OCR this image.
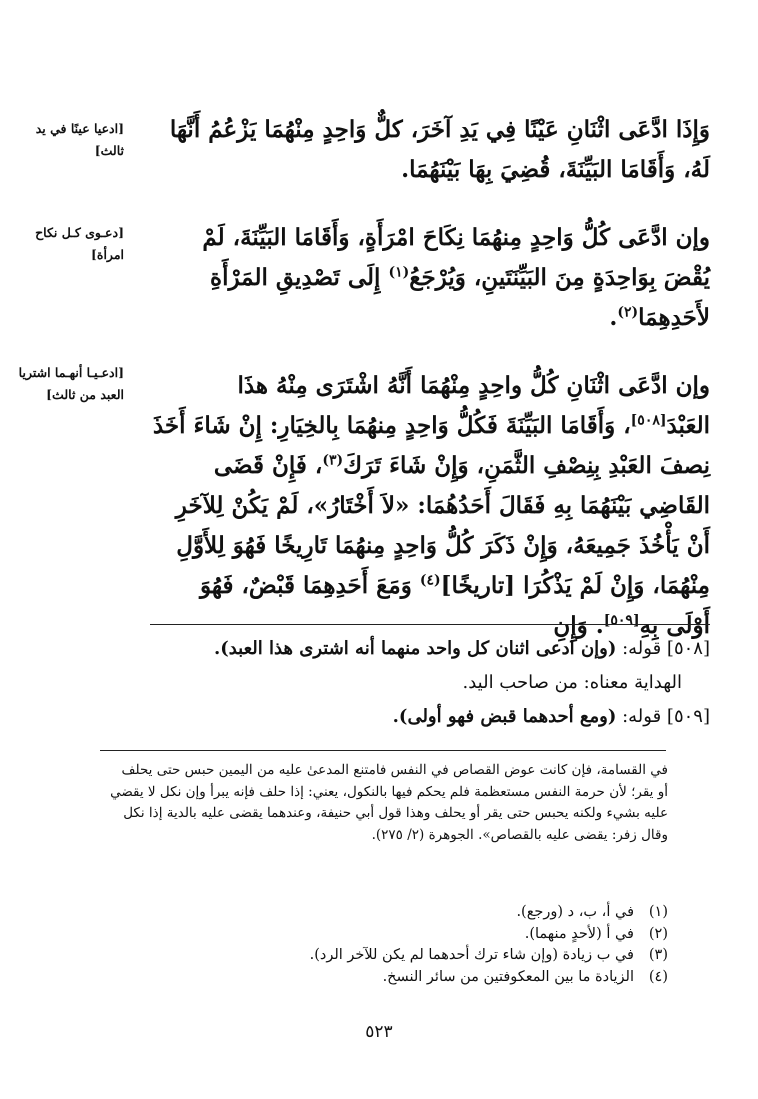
[ادعيا عينًا في يد ثالث]
[دعـوى كـل نكاح امرأة]
[ادعـيـا أنهـما اشتريا العبد من ثالث]
وَإِذَا ادَّعَى اثْنَانِ عَيْنًا فِي يَدِ آخَرَ، كلٌّ وَاحِدٍ مِنْهُمَا يَزْعُمُ أَنَّهَا لَهُ، وَأَقَامَا البَيِّنَةَ، قُضِيَ بِهَا بَيْنَهُمَا.
وإن ادَّعَى كُلُّ وَاحِدٍ مِنهُمَا نِكَاحَ امْرَأَةٍ، وَأَقَامَا البَيِّنَةَ، لَمْ يُقْضَ بِوَاحِدَةٍ مِنَ البَيِّنَتَينِ، وَيُرْجَعُ$^{(١)}$ إِلَى تَصْدِيقِ المَرْأَةِ لأَحَدِهِمَا$^{(٢)}$.
وإن ادَّعَى اثْنَانِ كُلُّ واحِدٍ مِنْهُمَا أَنَّهُ اشْتَرَى مِنْهُ هذَا العَبْدَ[٥٠٨]، وَأَقَامَا البَيِّنَةَ فَكُلُّ وَاحِدٍ مِنهُمَا بِالخِيَارِ: إِنْ شَاءَ أَخَذَ نِصفَ العَبْدِ بِنِصْفِ الثَّمَنِ، وَإِنْ شَاءَ تَرَكَ$^{(٣)}$، فَإِنْ قَضَى القَاضِي بَيْنَهُمَا بِهِ فَقَالَ أَحَدُهُمَا: «لاَ أَخْتَارُ»، لَمْ يَكُنْ لِلآخَرِ أَنْ يَأْخُذَ جَمِيعَهُ، وَإِنْ ذَكَرَ كُلُّ وَاحِدٍ مِنهُمَا تَارِيخًا فَهُوَ لِلأَوَّلِ مِنْهُمَا، وَإِنْ لَمْ يَذْكُرَا [تاريخًا]$^{(٤)}$ وَمَعَ أَحَدِهِمَا قَبْضٌ، فَهُوَ أَوْلَى بِهِ[٥٠٩]. وَإِنِ
[٥٠٨] قوله: (وإن ادعى اثنان كل واحد منهما أنه اشترى هذا العبد).
الهداية معناه: من صاحب اليد.
[٥٠٩] قوله: (ومع أحدهما قبض فهو أولى).
في القسامة، فإن كانت عوض القصاص في النفس فامتنع المدعىٰ عليه من اليمين حبس حتى يحلف أو يقر؛ لأن حرمة النفس مستعظمة فلم يحكم فيها بالنكول، يعني: إذا حلف فإنه يبرأ وإن نكل لا يقضي عليه بشيء ولكنه يحبس حتى يقر أو يحلف وهذا قول أبي حنيفة، وعندهما يقضى عليه بالدية إذا نكل وقال زفر: يقضى عليه بالقصاص». الجوهرة (٢/ ٢٧٥).
(١)
في أ، ب، د (ورجع).
(٢)
في أ (لأحدٍ منهما).
(٣)
في ب زيادة (وإن شاء ترك أحدهما لم يكن للآخر الرد).
(٤)
الزيادة ما بين المعكوفتين من سائر النسخ.
٥٢٣
